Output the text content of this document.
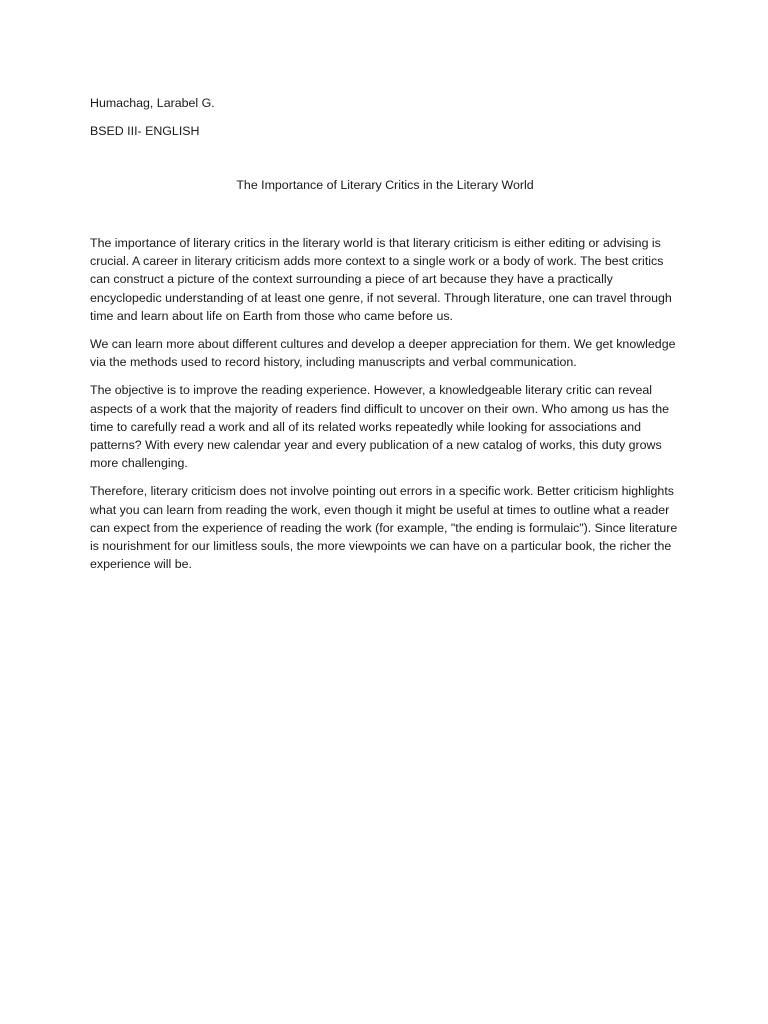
Humachag, Larabel G.

BSED III- ENGLISH

The Importance of Literary Critics in the Literary World

The importance of literary critics in the literary world is that literary criticism is either editing or advising is crucial. A career in literary criticism adds more context to a single work or a body of work. The best critics can construct a picture of the context surrounding a piece of art because they have a practically encyclopedic understanding of at least one genre, if not several. Through literature, one can travel through time and learn about life on Earth from those who came before us.

We can learn more about different cultures and develop a deeper appreciation for them. We get knowledge via the methods used to record history, including manuscripts and verbal communication.

The objective is to improve the reading experience. However, a knowledgeable literary critic can reveal aspects of a work that the majority of readers find difficult to uncover on their own. Who among us has the time to carefully read a work and all of its related works repeatedly while looking for associations and patterns? With every new calendar year and every publication of a new catalog of works, this duty grows more challenging.

Therefore, literary criticism does not involve pointing out errors in a specific work. Better criticism highlights what you can learn from reading the work, even though it might be useful at times to outline what a reader can expect from the experience of reading the work (for example, "the ending is formulaic"). Since literature is nourishment for our limitless souls, the more viewpoints we can have on a particular book, the richer the experience will be.
